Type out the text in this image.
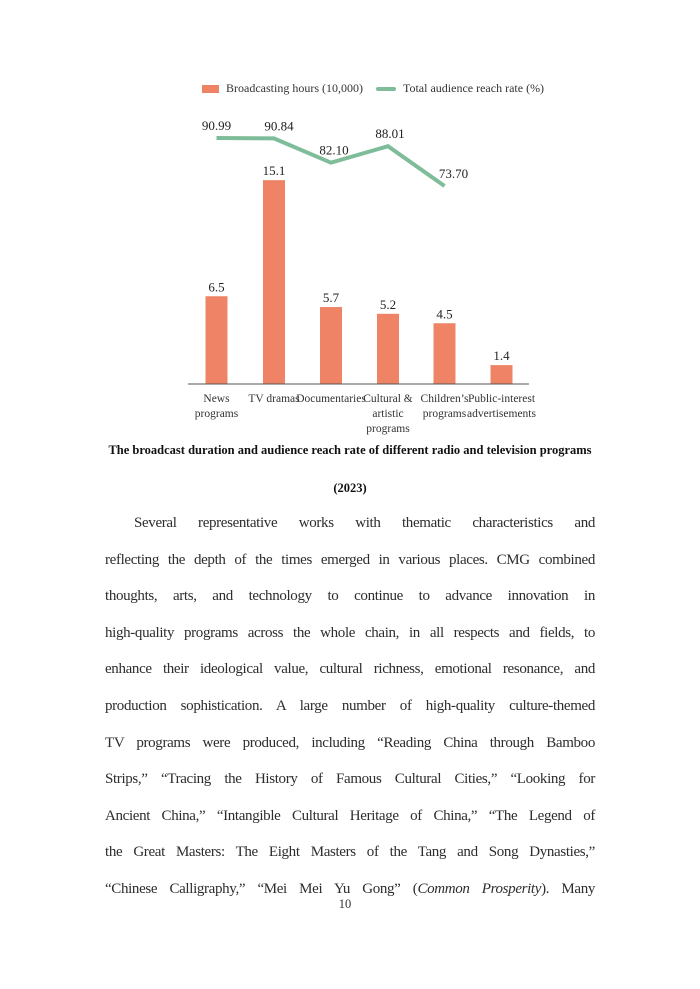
Broadcasting hours (10,000)	Total audience reach rate (%)
6.5
15.1
5.7	5.2
4.5
1.4
90.99	90.84
82.10
88.01
73.70
News programs
TV dramas
Documentaries
Cultural & artistic programs
Children’s programs
Public-interest advertisements
The broadcast duration and audience reach rate of different radio and television programs
(2023)
Several representative works with thematic characteristics and
reflecting the depth of the times emerged in various places. CMG combined
thoughts, arts, and technology to continue to advance innovation in
high-quality programs across the whole chain, in all respects and fields, to
enhance their ideological value, cultural richness, emotional resonance, and
production sophistication. A large number of high-quality culture-themed
TV programs were produced, including “Reading China through Bamboo
Strips,” “Tracing the History of Famous Cultural Cities,” “Looking for
Ancient China,” “Intangible Cultural Heritage of China,” “The Legend of
the Great Masters: The Eight Masters of the Tang and Song Dynasties,”
“Chinese Calligraphy,” “Mei Mei Yu Gong” (Common Prosperity). Many
10
